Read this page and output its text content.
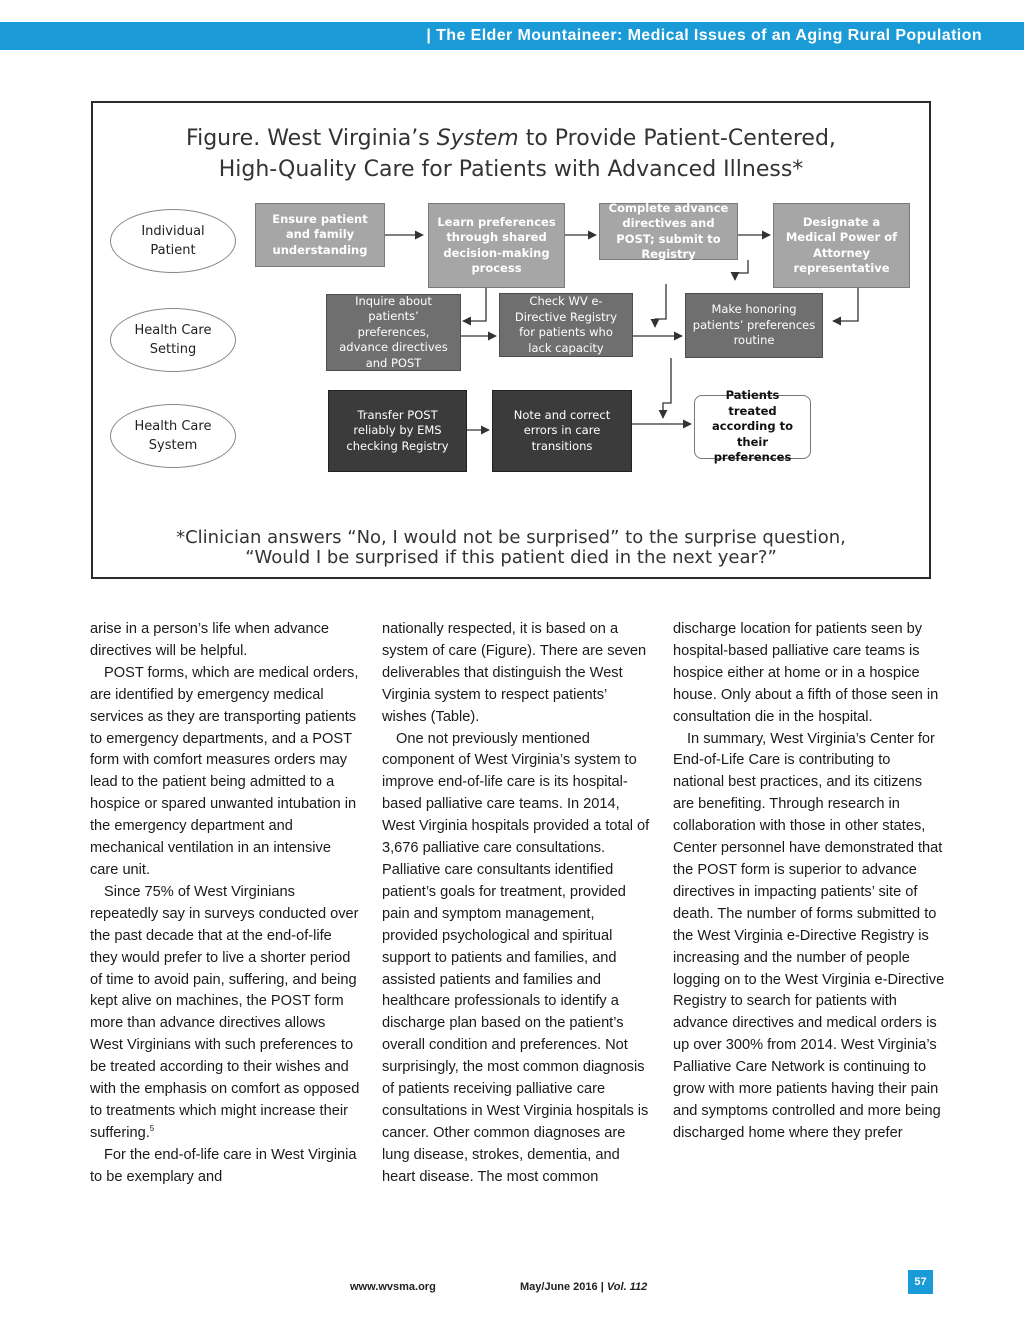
| The Elder Mountaineer: Medical Issues of an Aging Rural Population
Figure. West Virginia’s System to Provide Patient-Centered,
High-Quality Care for Patients with Advanced Illness*
Individual Patient
Health Care Setting
Health Care System
Ensure patient and family understanding
Learn preferences through shared decision-making process
Complete advance directives and POST; submit to Registry
Designate a Medical Power of Attorney representative
Inquire about patients’ preferences, advance directives and POST
Check WV e-Directive Registry for patients who lack capacity
Make honoring patients’ preferences routine
Transfer POST reliably by EMS checking Registry
Note and correct errors in care transitions
Patients treated according to their preferences
*Clinician answers “No, I would not be surprised” to the surprise question,
“Would I be surprised if this patient died in the next year?”

arise in a person’s life when advance directives will be helpful.

POST forms, which are medical orders, are identified by emergency medical services as they are transporting patients to emergency departments, and a POST form with comfort measures orders may lead to the patient being admitted to a hospice or spared unwanted intubation in the emergency department and mechanical ventilation in an intensive care unit.

Since 75% of West Virginians repeatedly say in surveys conducted over the past decade that at the end-of-life they would prefer to live a shorter period of time to avoid pain, suffering, and being kept alive on machines, the POST form more than advance directives allows West Virginians with such preferences to be treated according to their wishes and with the emphasis on comfort as opposed to treatments which might increase their suffering.$^5$

For the end-of-life care in West Virginia to be exemplary and

nationally respected, it is based on a system of care (Figure). There are seven deliverables that distinguish the West Virginia system to respect patients’ wishes (Table).

One not previously mentioned component of West Virginia’s system to improve end-of-life care is its hospital-based palliative care teams. In 2014, West Virginia hospitals provided a total of 3,676 palliative care consultations. Palliative care consultants identified patient’s goals for treatment, provided pain and symptom management, provided psychological and spiritual support to patients and families, and assisted patients and families and healthcare professionals to identify a discharge plan based on the patient’s overall condition and preferences. Not surprisingly, the most common diagnosis of patients receiving palliative care consultations in West Virginia hospitals is cancer. Other common diagnoses are lung disease, strokes, dementia, and heart disease. The most common

discharge location for patients seen by hospital-based palliative care teams is hospice either at home or in a hospice house. Only about a fifth of those seen in consultation die in the hospital.

In summary, West Virginia’s Center for End-of-Life Care is contributing to national best practices, and its citizens are benefiting. Through research in collaboration with those in other states, Center personnel have demonstrated that the POST form is superior to advance directives in impacting patients’ site of death. The number of forms submitted to the West Virginia e-Directive Registry is increasing and the number of people logging on to the West Virginia e-Directive Registry to search for patients with advance directives and medical orders is up over 300% from 2014. West Virginia’s Palliative Care Network is continuing to grow with more patients having their pain and symptoms controlled and more being discharged home where they prefer

www.wvsma.org	May/June 2016 | Vol. 112	57
